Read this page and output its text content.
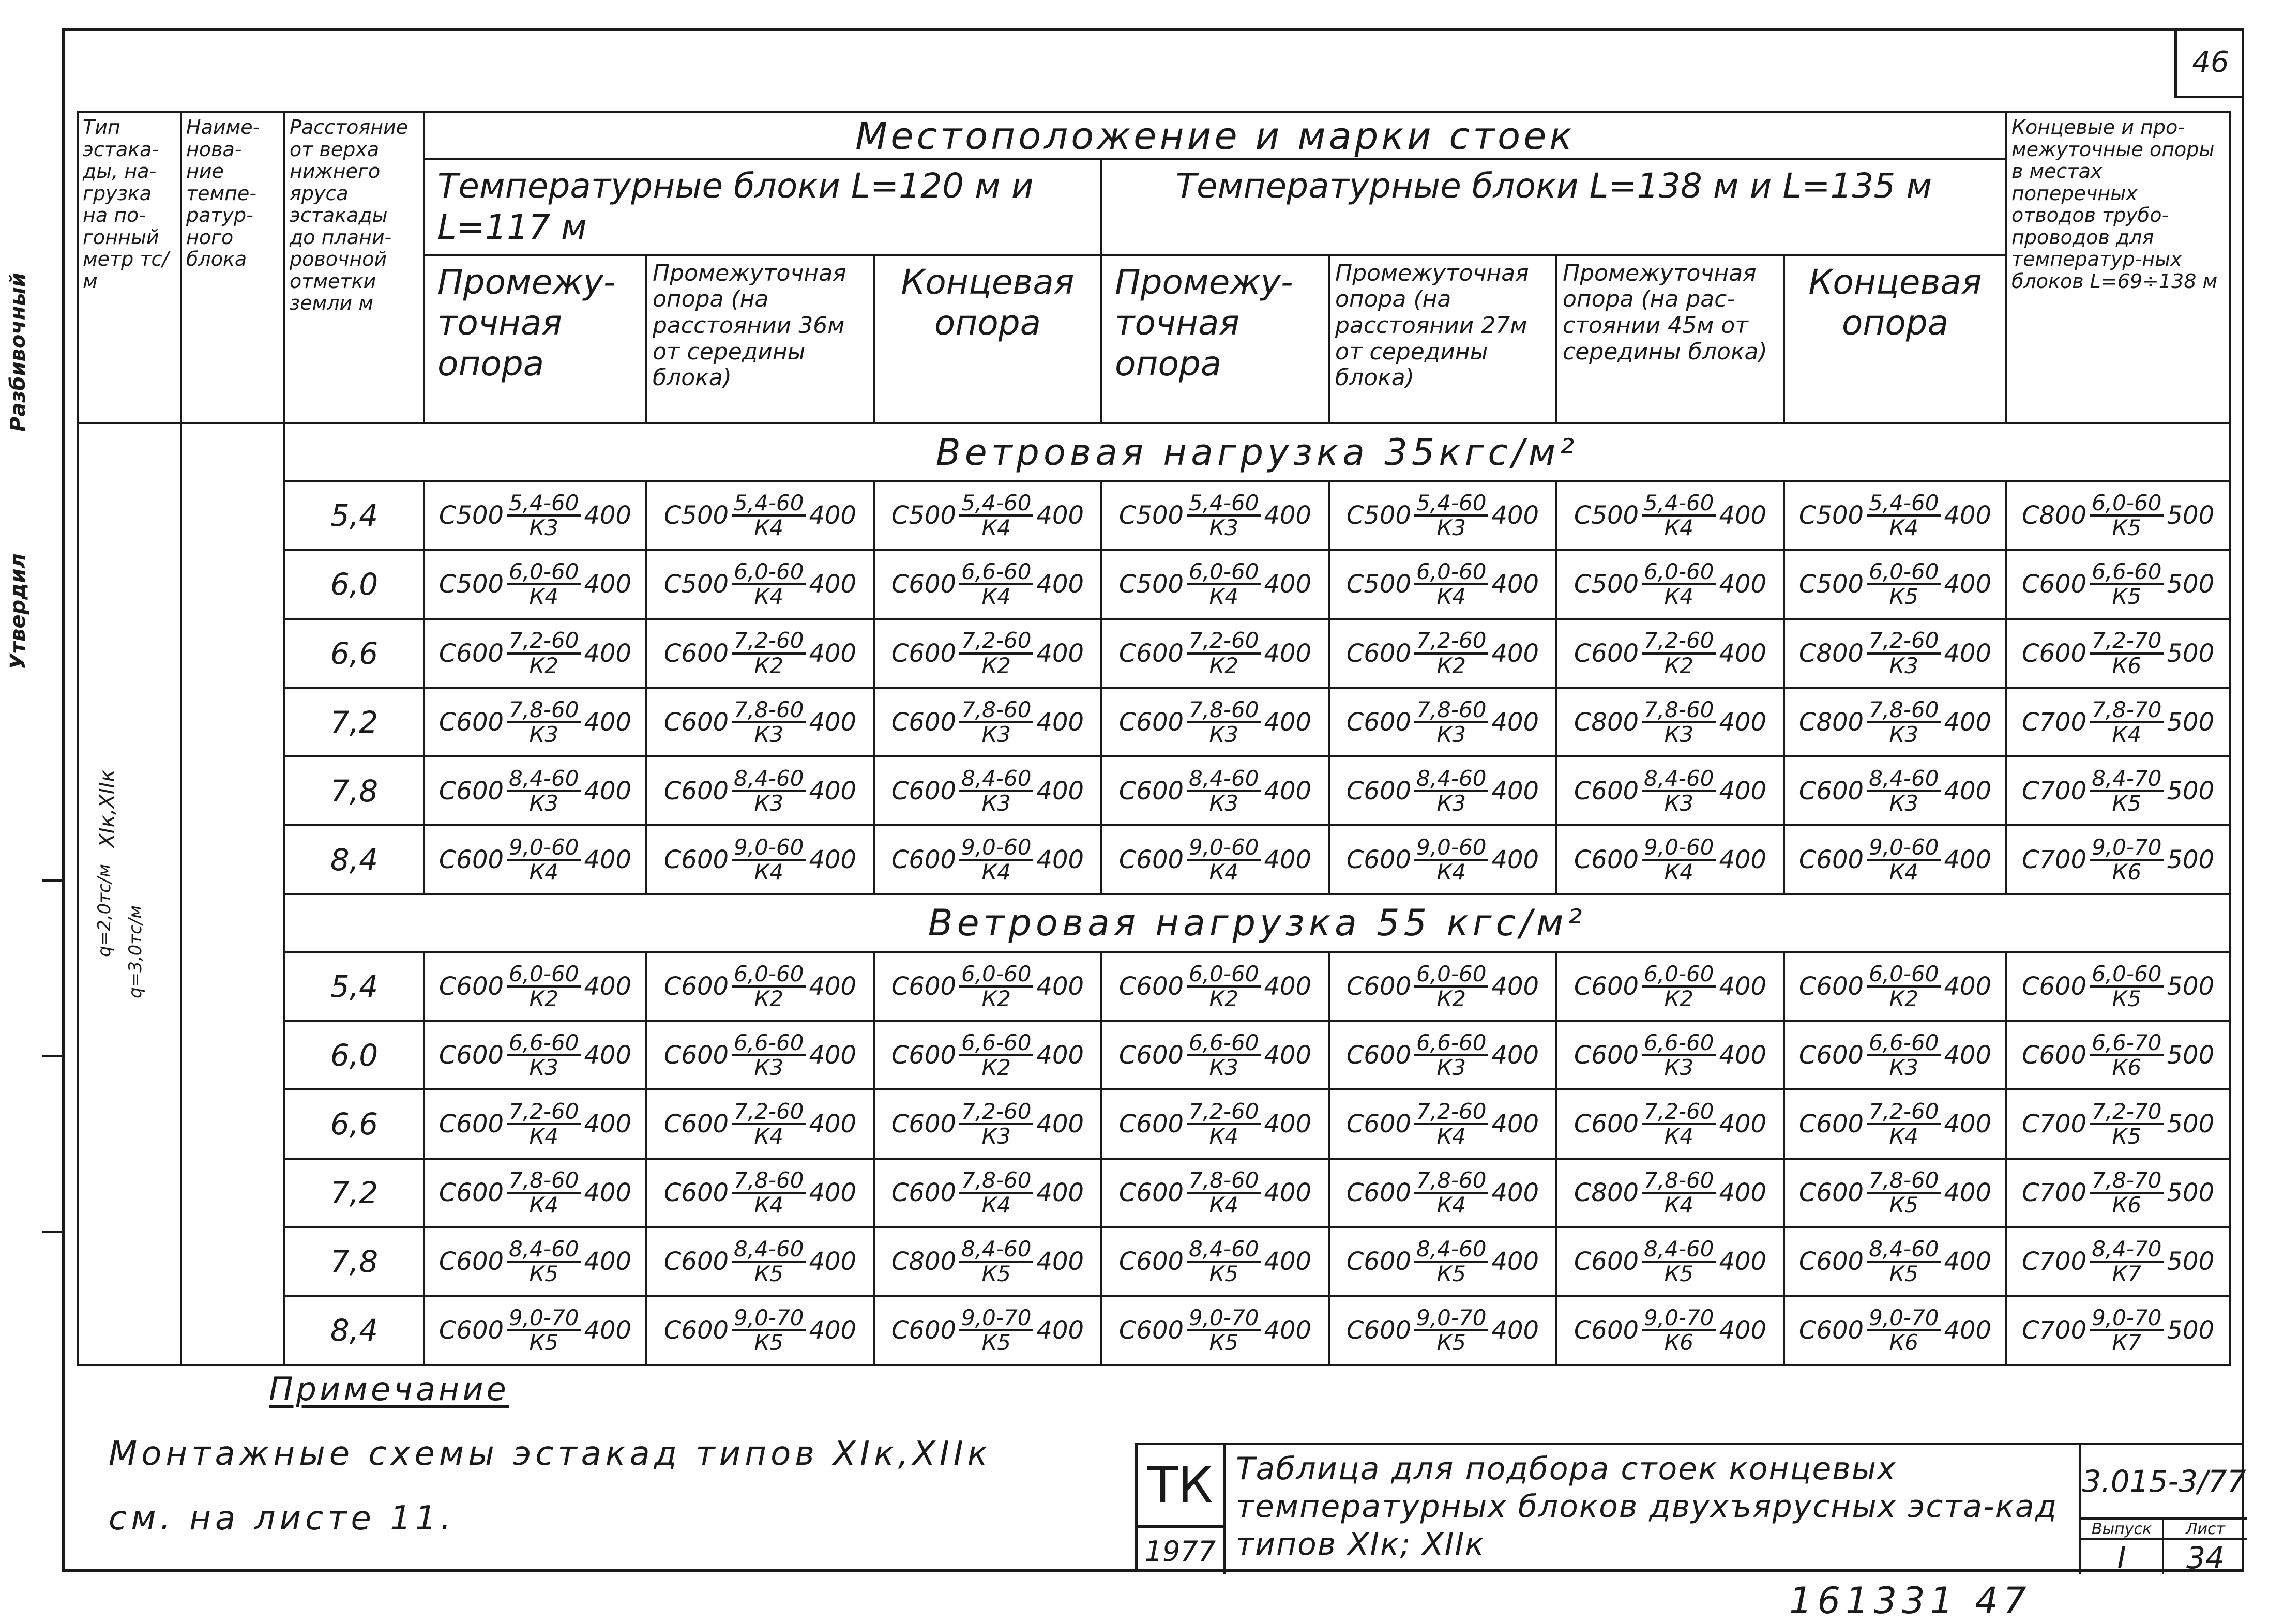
Разбивочный
Утвердил
46
Тип эстака-ды, на-грузка на по-гонный метр тс/м	Наиме-нова-ние темпе-ратур-ного блока	Расстояние от верха нижнего яруса эстакады до плани-ровочной отметки земли м	Местоположение и марки стоек							Концевые и про-межуточные опоры в местах поперечных отводов трубо-проводов для температур-ных блоков L=69÷138 м
			Температурные блоки L=120 м и L=117 м			Температурные блоки L=138 м и L=135 м				
			Промежу-точная опора	Промежуточная опора (на расстоянии 36м от середины блока)	Концевая опора	Промежу-точная опора	Промежуточная опора (на расстоянии 27м от середины блока)	Промежуточная опора (на рас-стоянии 45м от середины блока)	Концевая опора	

XIк,XIIк
q=2,0тс/м q=3,0тс/м		Ветровая нагрузка 35кгс/м²								
		5,4	$С500 \frac{5,4-60}{К3} 400$	$С500 \frac{5,4-60}{К4} 400$	$С500 \frac{5,4-60}{К4} 400$	$С500 \frac{5,4-60}{К3} 400$	$С500 \frac{5,4-60}{К3} 400$	$С500 \frac{5,4-60}{К4} 400$	$С500 \frac{5,4-60}{К4} 400$	$С800 \frac{6,0-60}{К5} 500$

		6,0	$С500 \frac{6,0-60}{К4} 400$	$С500 \frac{6,0-60}{К4} 400$	$С600 \frac{6,6-60}{К4} 400$	$С500 \frac{6,0-60}{К4} 400$	$С500 \frac{6,0-60}{К4} 400$	$С500 \frac{6,0-60}{К4} 400$	$С500 \frac{6,0-60}{К5} 400$	$С600 \frac{6,6-60}{К5} 500$

		6,6	$С600 \frac{7,2-60}{К2} 400$	$С600 \frac{7,2-60}{К2} 400$	$С600 \frac{7,2-60}{К2} 400$	$С600 \frac{7,2-60}{К2} 400$	$С600 \frac{7,2-60}{К2} 400$	$С600 \frac{7,2-60}{К2} 400$	$С800 \frac{7,2-60}{К3} 400$	$С600 \frac{7,2-70}{К6} 500$

		7,2	$С600 \frac{7,8-60}{К3} 400$	$С600 \frac{7,8-60}{К3} 400$	$С600 \frac{7,8-60}{К3} 400$	$С600 \frac{7,8-60}{К3} 400$	$С600 \frac{7,8-60}{К3} 400$	$С800 \frac{7,8-60}{К3} 400$	$С800 \frac{7,8-60}{К3} 400$	$С700 \frac{7,8-70}{К4} 500$

		7,8	$С600 \frac{8,4-60}{К3} 400$	$С600 \frac{8,4-60}{К3} 400$	$С600 \frac{8,4-60}{К3} 400$	$С600 \frac{8,4-60}{К3} 400$	$С600 \frac{8,4-60}{К3} 400$	$С600 \frac{8,4-60}{К3} 400$	$С600 \frac{8,4-60}{К3} 400$	$С700 \frac{8,4-70}{К5} 500$

		8,4	$С600 \frac{9,0-60}{К4} 400$	$С600 \frac{9,0-60}{К4} 400$	$С600 \frac{9,0-60}{К4} 400$	$С600 \frac{9,0-60}{К4} 400$	$С600 \frac{9,0-60}{К4} 400$	$С600 \frac{9,0-60}{К4} 400$	$С600 \frac{9,0-60}{К4} 400$	$С700 \frac{9,0-70}{К6} 500$

		Ветровая нагрузка 55 кгс/м²								
		5,4	$С600 \frac{6,0-60}{К2} 400$	$С600 \frac{6,0-60}{К2} 400$	$С600 \frac{6,0-60}{К2} 400$	$С600 \frac{6,0-60}{К2} 400$	$С600 \frac{6,0-60}{К2} 400$	$С600 \frac{6,0-60}{К2} 400$	$С600 \frac{6,0-60}{К2} 400$	$С600 \frac{6,0-60}{К5} 500$

		6,0	$С600 \frac{6,6-60}{К3} 400$	$С600 \frac{6,6-60}{К3} 400$	$С600 \frac{6,6-60}{К2} 400$	$С600 \frac{6,6-60}{К3} 400$	$С600 \frac{6,6-60}{К3} 400$	$С600 \frac{6,6-60}{К3} 400$	$С600 \frac{6,6-60}{К3} 400$	$С600 \frac{6,6-70}{К6} 500$

		6,6	$С600 \frac{7,2-60}{К4} 400$	$С600 \frac{7,2-60}{К4} 400$	$С600 \frac{7,2-60}{К3} 400$	$С600 \frac{7,2-60}{К4} 400$	$С600 \frac{7,2-60}{К4} 400$	$С600 \frac{7,2-60}{К4} 400$	$С600 \frac{7,2-60}{К4} 400$	$С700 \frac{7,2-70}{К5} 500$

		7,2	$С600 \frac{7,8-60}{К4} 400$	$С600 \frac{7,8-60}{К4} 400$	$С600 \frac{7,8-60}{К4} 400$	$С600 \frac{7,8-60}{К4} 400$	$С600 \frac{7,8-60}{К4} 400$	$С800 \frac{7,8-60}{К4} 400$	$С600 \frac{7,8-60}{К5} 400$	$С700 \frac{7,8-70}{К6} 500$

		7,8	$С600 \frac{8,4-60}{К5} 400$	$С600 \frac{8,4-60}{К5} 400$	$С800 \frac{8,4-60}{К5} 400$	$С600 \frac{8,4-60}{К5} 400$	$С600 \frac{8,4-60}{К5} 400$	$С600 \frac{8,4-60}{К5} 400$	$С600 \frac{8,4-60}{К5} 400$	$С700 \frac{8,4-70}{К7} 500$

		8,4	$С600 \frac{9,0-70}{К5} 400$	$С600 \frac{9,0-70}{К5} 400$	$С600 \frac{9,0-70}{К5} 400$	$С600 \frac{9,0-70}{К5} 400$	$С600 \frac{9,0-70}{К5} 400$	$С600 \frac{9,0-70}{К6} 400$	$С600 \frac{9,0-70}{К6} 400$	$С700 \frac{9,0-70}{К7} 500$
Примечание
Монтажные схемы эстакад типов XIк,XIIк
см. на листе 11.
ТК
1977
Таблица для подбора стоек концевых температурных блоков двухъярусных эста-кад типов XIк; XIIк
3.015-3/77
Выпуск
I
Лист
34
161331 47
